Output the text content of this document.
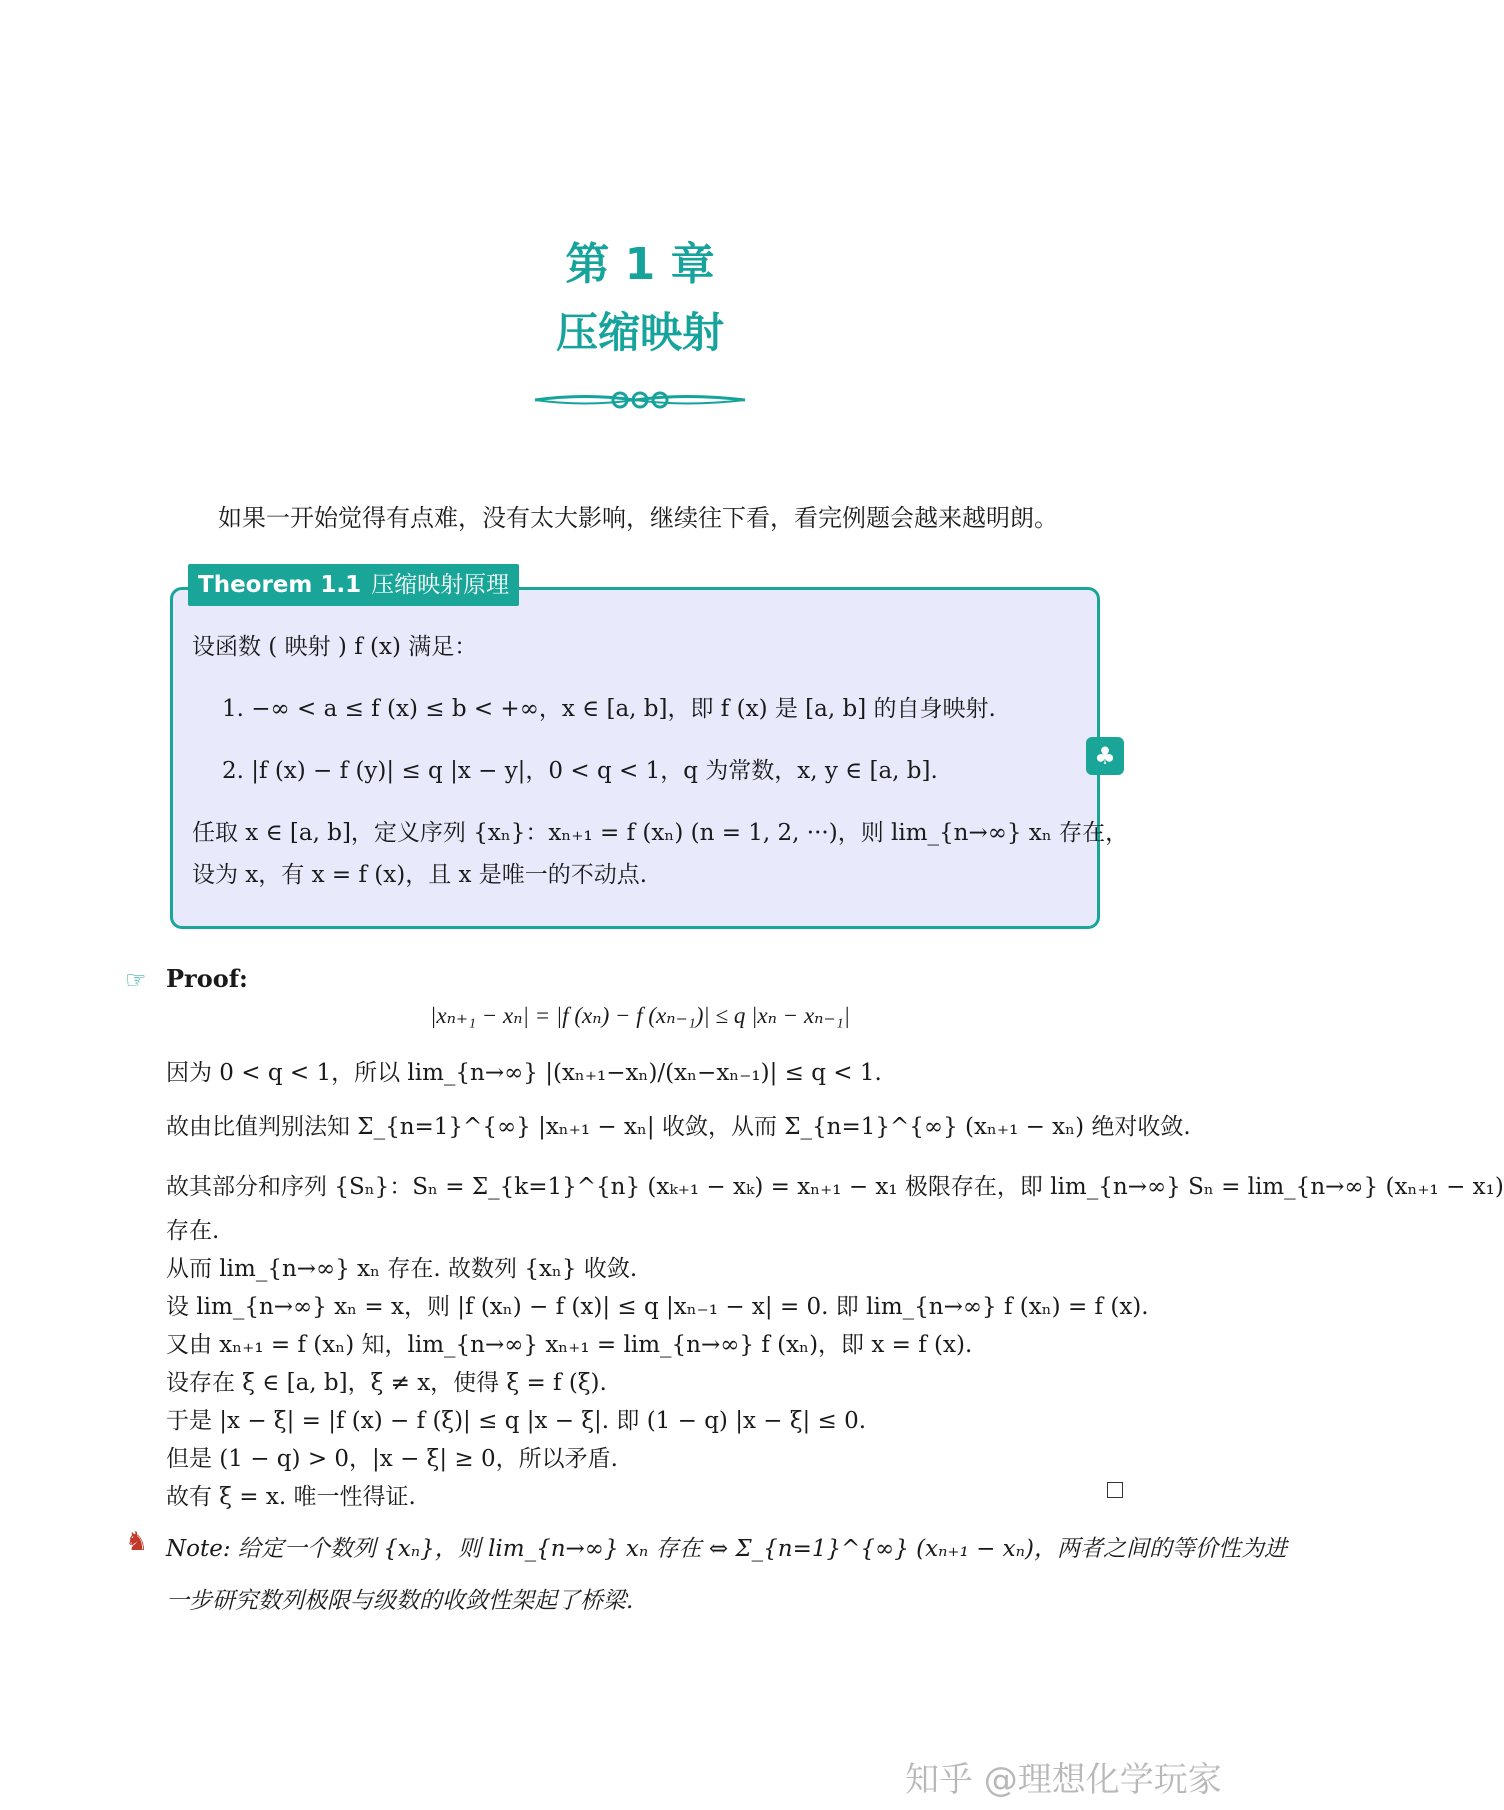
第 1 章
压缩映射
如果一开始觉得有点难，没有太大影响，继续往下看，看完例题会越来越明朗。
Theorem 1.1 压缩映射原理
♣
设函数 ( 映射 ) f (x) 满足：
1. −∞ < a ≤ f (x) ≤ b < +∞，x ∈ [a, b]，即 f (x) 是 [a, b] 的自身映射.
2. |f (x) − f (y)| ≤ q |x − y|，0 < q < 1，q 为常数，x, y ∈ [a, b].
任取 x ∈ [a, b]，定义序列 {xₙ}：xₙ₊₁ = f (xₙ) (n = 1, 2, ···)，则 lim_{n→∞} xₙ 存在，
设为 x，有 x = f (x)，且 x 是唯一的不动点.
☞ Proof:
|xₙ₊₁ − xₙ| = |f (xₙ) − f (xₙ₋₁)| ≤ q |xₙ − xₙ₋₁|
因为 0 < q < 1，所以 lim_{n→∞} |(xₙ₊₁−xₙ)/(xₙ−xₙ₋₁)| ≤ q < 1.
故由比值判别法知 Σ_{n=1}^{∞} |xₙ₊₁ − xₙ| 收敛，从而 Σ_{n=1}^{∞} (xₙ₊₁ − xₙ) 绝对收敛.
故其部分和序列 {Sₙ}：Sₙ = Σ_{k=1}^{n} (xₖ₊₁ − xₖ) = xₙ₊₁ − x₁ 极限存在，即 lim_{n→∞} Sₙ = lim_{n→∞} (xₙ₊₁ − x₁)
存在.
从而 lim_{n→∞} xₙ 存在. 故数列 {xₙ} 收敛.
设 lim_{n→∞} xₙ = x，则 |f (xₙ) − f (x)| ≤ q |xₙ₋₁ − x| = 0. 即 lim_{n→∞} f (xₙ) = f (x).
又由 xₙ₊₁ = f (xₙ) 知，lim_{n→∞} xₙ₊₁ = lim_{n→∞} f (xₙ)，即 x = f (x).
设存在 ξ ∈ [a, b]，ξ ≠ x，使得 ξ = f (ξ).
于是 |x − ξ| = |f (x) − f (ξ)| ≤ q |x − ξ|. 即 (1 − q) |x − ξ| ≤ 0.
但是 (1 − q) > 0，|x − ξ| ≥ 0，所以矛盾.
故有 ξ = x. 唯一性得证.
♞ Note: 给定一个数列 {xₙ}，则 lim_{n→∞} xₙ 存在 ⇔ Σ_{n=1}^{∞} (xₙ₊₁ − xₙ)，两者之间的等价性为进
一步研究数列极限与级数的收敛性架起了桥梁.
知乎 @理想化学玩家
